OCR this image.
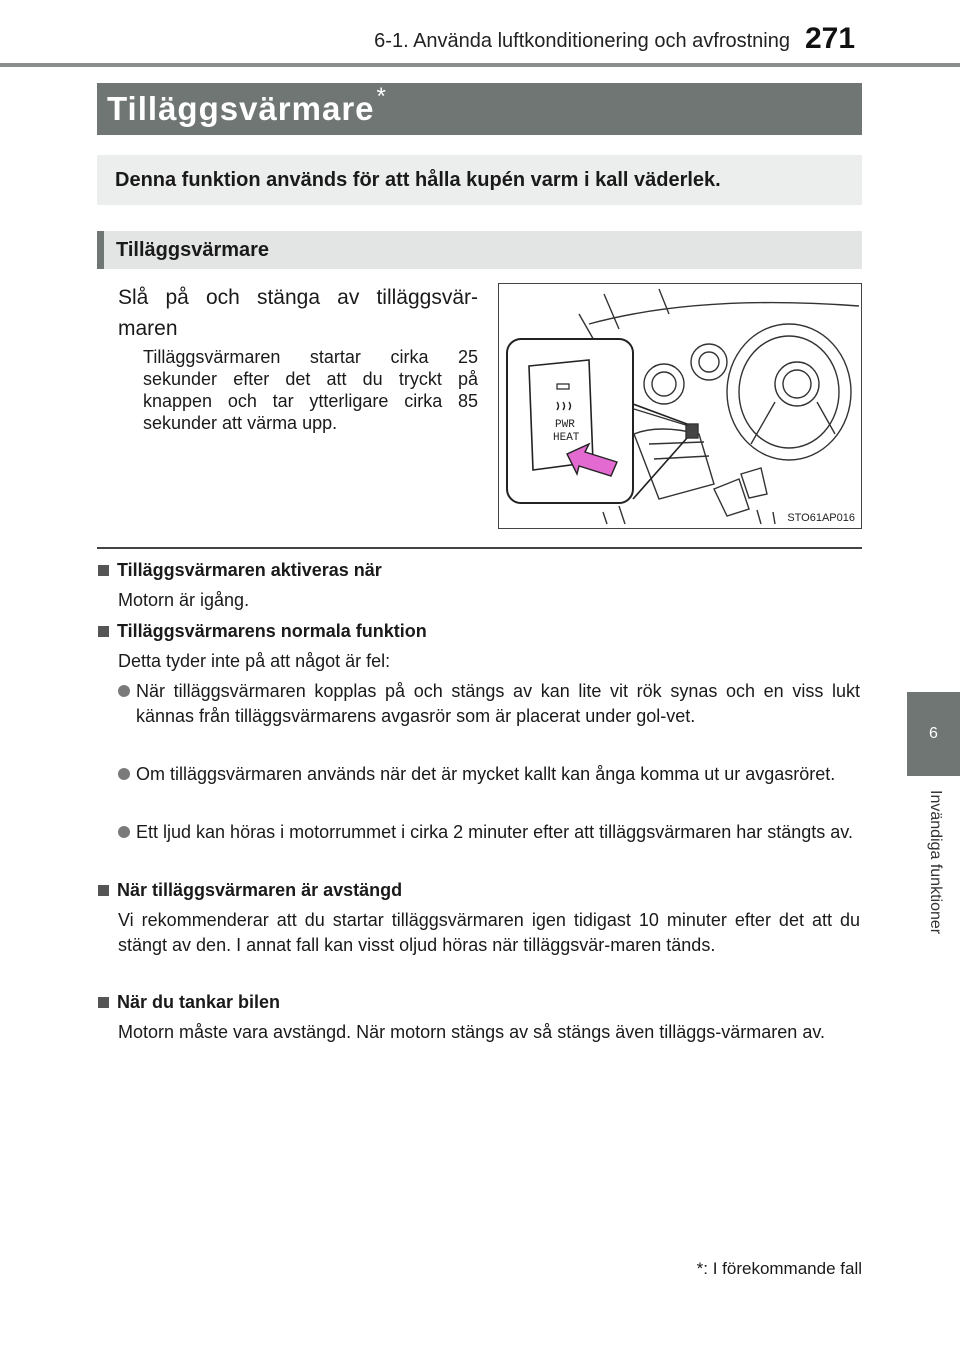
6-1. Använda luftkonditionering och avfrostning 271
6
Invändiga funktioner
Tilläggsvärmare *
Denna funktion används för att hålla kupén varm i kall väderlek.
Tilläggsvärmare
Slå på och stänga av tilläggsvär-maren
Tilläggsvärmaren startar cirka 25 sekunder efter det att du tryckt på knappen och tar ytterligare cirka 85 sekunder att värma upp.	PWR
HEAT
STO61AP016
Tilläggsvärmaren aktiveras när
Motorn är igång.
Tilläggsvärmarens normala funktion
Detta tyder inte på att något är fel:
När tilläggsvärmaren kopplas på och stängs av kan lite vit rök synas och en viss lukt kännas från tilläggsvärmarens avgasrör som är placerat under gol-vet.
Om tilläggsvärmaren används när det är mycket kallt kan ånga komma ut ur avgasröret.
Ett ljud kan höras i motorrummet i cirka 2 minuter efter att tilläggsvärmaren har stängts av.
När tilläggsvärmaren är avstängd
Vi rekommenderar att du startar tilläggsvärmaren igen tidigast 10 minuter efter det att du stängt av den. I annat fall kan visst oljud höras när tilläggsvär-maren tänds.
När du tankar bilen
Motorn måste vara avstängd. När motorn stängs av så stängs även tilläggs-värmaren av.
*: I förekommande fall
